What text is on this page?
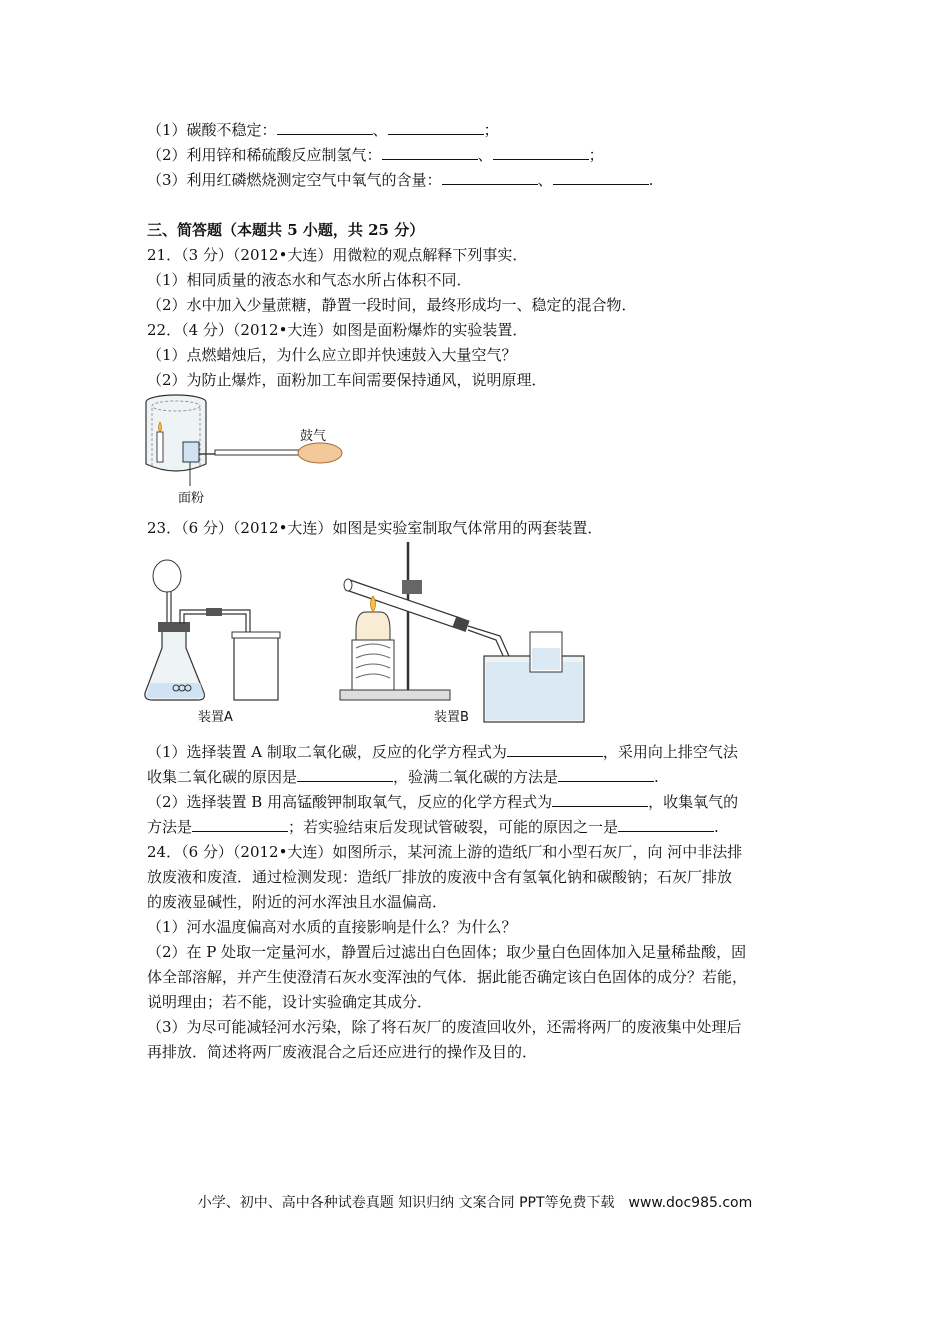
（1）碳酸不稳定：	、	；
（2）利用锌和稀硫酸反应制氢气：	、	；
（3）利用红磷燃烧测定空气中氧气的含量：	、	.
三、简答题（本题共 5 小题，共 25 分）
21．（3 分）（2012•大连）用微粒的观点解释下列事实．
（1）相同质量的液态水和气态水所占体积不同．
（2）水中加入少量蔗糖，静置一段时间，最终形成均一、稳定的混合物．
22．（4 分）（2012•大连）如图是面粉爆炸的实验装置．
（1）点燃蜡烛后，为什么应立即并快速鼓入大量空气？
（2）为防止爆炸，面粉加工车间需要保持通风，说明原理．
鼓气
面粉
23．（6 分）（2012•大连）如图是实验室制取气体常用的两套装置．
装置A	装置B
（1）选择装置 A 制取二氧化碳，反应的化学方程式为	，采用向上排空气法
收集二氧化碳的原因是	，验满二氧化碳的方法是	.
（2）选择装置 B 用高锰酸钾制取氧气，反应的化学方程式为	，收集氧气的
方法是	；若实验结束后发现试管破裂，可能的原因之一是	.
24．（6 分）（2012•大连）如图所示，某河流上游的造纸厂和小型石灰厂，向 河中非法排
放废液和废渣．通过检测发现：造纸厂排放的废液中含有氢氧化钠和碳酸钠；石灰厂排放
的废液显碱性，附近的河水浑浊且水温偏高．
（1）河水温度偏高对水质的直接影响是什么？为什么？
（2）在 P 处取一定量河水，静置后过滤出白色固体；取少量白色固体加入足量稀盐酸，固
体全部溶解，并产生使澄清石灰水变浑浊的气体．据此能否确定该白色固体的成分？若能，
说明理由；若不能，设计实验确定其成分．
（3）为尽可能减轻河水污染，除了将石灰厂的废渣回收外，还需将两厂的废液集中处理后
再排放．简述将两厂废液混合之后还应进行的操作及目的．
小学、初中、高中各种试卷真题 知识归纳 文案合同 PPT等免费下载　www.doc985.com
